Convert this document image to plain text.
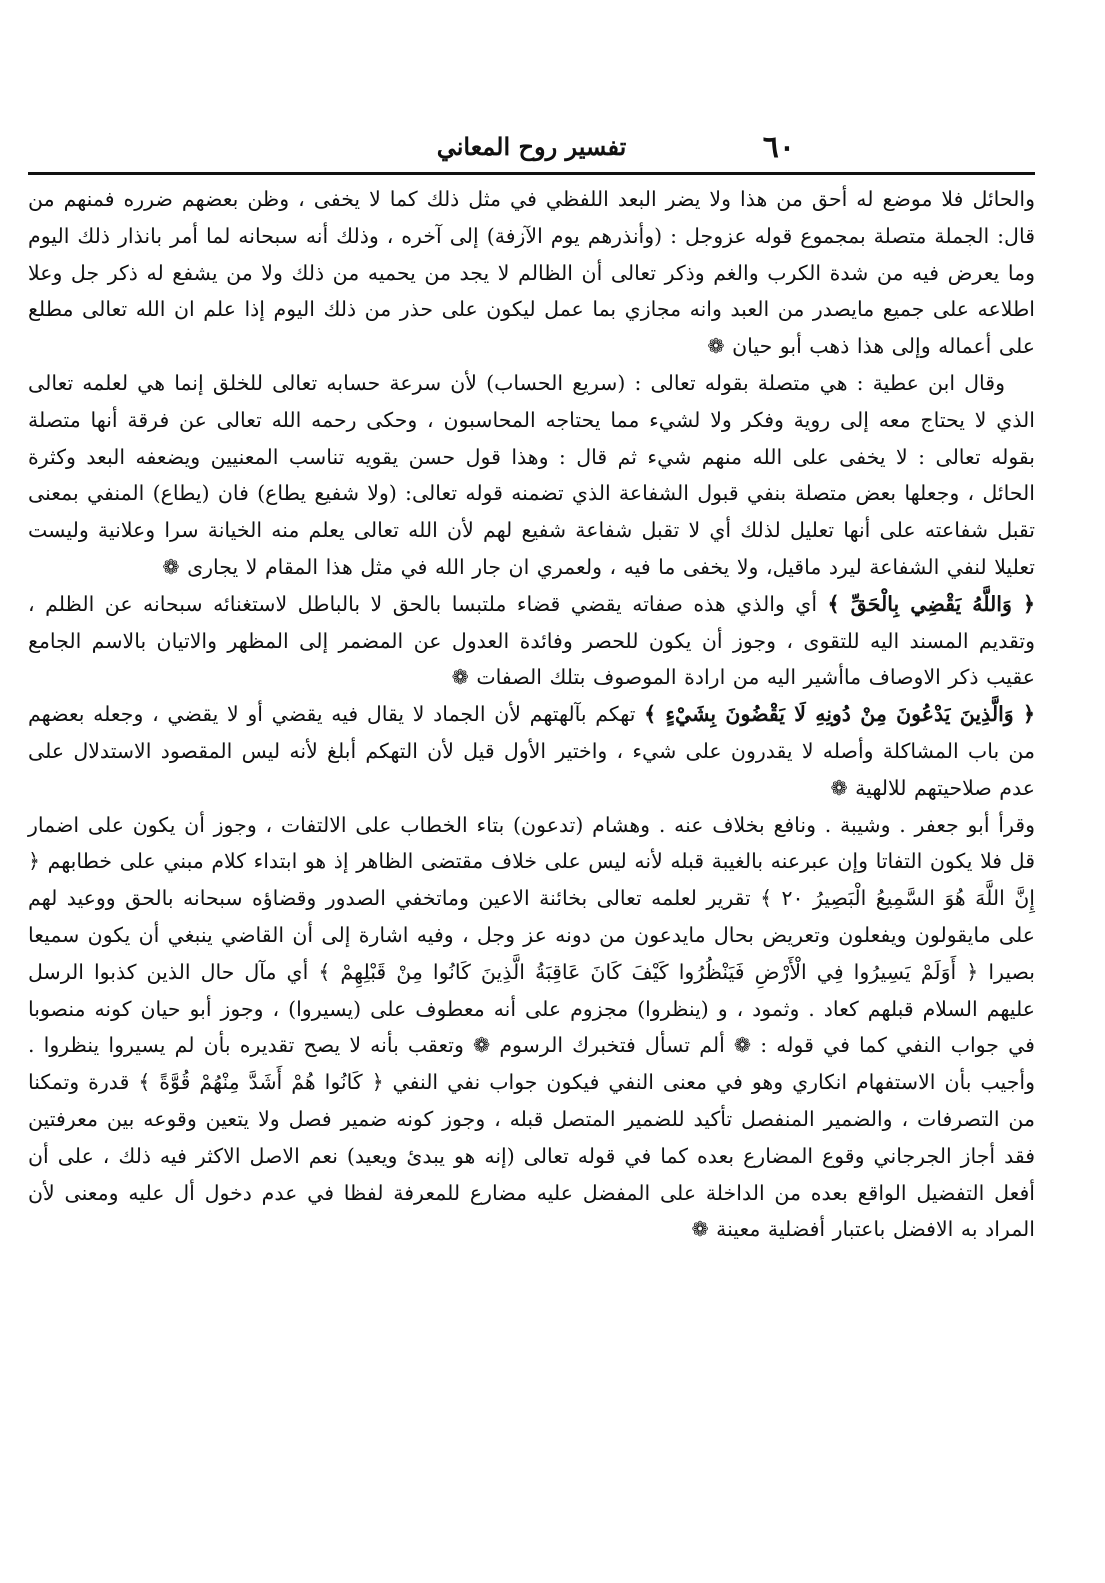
٦٠
تفسير روح المعاني

والحائل فلا موضع له أحق من هذا ولا يضر البعد اللفظي في مثل ذلك كما لا يخفى ، وظن بعضهم ضرره فمنهم من قال: الجملة متصلة بمجموع قوله عزوجل : (وأنذرهم يوم الآزفة) إلى آخره ، وذلك أنه سبحانه لما أمر بانذار ذلك اليوم وما يعرض فيه من شدة الكرب والغم وذكر تعالى أن الظالم لا يجد من يحميه من ذلك ولا من يشفع له ذكر جل وعلا اطلاعه على جميع مايصدر من العبد وانه مجازي بما عمل ليكون على حذر من ذلك اليوم إذا علم ان الله تعالى مطلع على أعماله وإلى هذا ذهب أبو حيان ❁

وقال ابن عطية : هي متصلة بقوله تعالى : (سريع الحساب) لأن سرعة حسابه تعالى للخلق إنما هي لعلمه تعالى الذي لا يحتاج معه إلى روية وفكر ولا لشيء مما يحتاجه المحاسبون ، وحكى رحمه الله تعالى عن فرقة أنها متصلة بقوله تعالى : لا يخفى على الله منهم شيء ثم قال : وهذا قول حسن يقويه تناسب المعنيين ويضعفه البعد وكثرة الحائل ، وجعلها بعض متصلة بنفي قبول الشفاعة الذي تضمنه قوله تعالى: (ولا شفيع يطاع) فان (يطاع) المنفي بمعنى تقبل شفاعته على أنها تعليل لذلك أي لا تقبل شفاعة شفيع لهم لأن الله تعالى يعلم منه الخيانة سرا وعلانية وليست تعليلا لنفي الشفاعة ليرد ماقيل، ولا يخفى ما فيه ، ولعمري ان جار الله في مثل هذا المقام لا يجارى ❁

﴿ وَاللَّهُ يَقْضِي بِالْحَقِّ ﴾ أي والذي هذه صفاته يقضي قضاء ملتبسا بالحق لا بالباطل لاستغنائه سبحانه عن الظلم ، وتقديم المسند اليه للتقوى ، وجوز أن يكون للحصر وفائدة العدول عن المضمر إلى المظهر والاتيان بالاسم الجامع عقيب ذكر الاوصاف ماأشير اليه من ارادة الموصوف بتلك الصفات ❁

﴿ وَالَّذِينَ يَدْعُونَ مِنْ دُونِهِ لَا يَقْضُونَ بِشَيْءٍ ﴾ تهكم بآلهتهم لأن الجماد لا يقال فيه يقضي أو لا يقضي ، وجعله بعضهم من باب المشاكلة وأصله لا يقدرون على شيء ، واختير الأول قيل لأن التهكم أبلغ لأنه ليس المقصود الاستدلال على عدم صلاحيتهم للالهية ❁

وقرأ أبو جعفر . وشيبة . ونافع بخلاف عنه . وهشام (تدعون) بتاء الخطاب على الالتفات ، وجوز أن يكون على اضمار قل فلا يكون التفاتا وإن عبرعنه بالغيبة قبله لأنه ليس على خلاف مقتضى الظاهر إذ هو ابتداء كلام مبني على خطابهم ﴿ إِنَّ اللَّهَ هُوَ السَّمِيعُ الْبَصِيرُ ٢٠ ﴾ تقرير لعلمه تعالى بخائنة الاعين وماتخفي الصدور وقضاؤه سبحانه بالحق ووعيد لهم على مايقولون ويفعلون وتعريض بحال مايدعون من دونه عز وجل ، وفيه اشارة إلى أن القاضي ينبغي أن يكون سميعا بصيرا ﴿ أَوَلَمْ يَسِيرُوا فِي الْأَرْضِ فَيَنْظُرُوا كَيْفَ كَانَ عَاقِبَةُ الَّذِينَ كَانُوا مِنْ قَبْلِهِمْ ﴾ أي مآل حال الذين كذبوا الرسل عليهم السلام قبلهم كعاد . وثمود ، و (ينظروا) مجزوم على أنه معطوف على (يسيروا) ، وجوز أبو حيان كونه منصوبا في جواب النفي كما في قوله : ❁ ألم تسأل فتخبرك الرسوم ❁ وتعقب بأنه لا يصح تقديره بأن لم يسيروا ينظروا . وأجيب بأن الاستفهام انكاري وهو في معنى النفي فيكون جواب نفي النفي ﴿ كَانُوا هُمْ أَشَدَّ مِنْهُمْ قُوَّةً ﴾ قدرة وتمكنا من التصرفات ، والضمير المنفصل تأكيد للضمير المتصل قبله ، وجوز كونه ضمير فصل ولا يتعين وقوعه بين معرفتين فقد أجاز الجرجاني وقوع المضارع بعده كما في قوله تعالى (إنه هو يبدئ ويعيد) نعم الاصل الاكثر فيه ذلك ، على أن أفعل التفضيل الواقع بعده من الداخلة على المفضل عليه مضارع للمعرفة لفظا في عدم دخول أل عليه ومعنى لأن المراد به الافضل باعتبار أفضلية معينة ❁
